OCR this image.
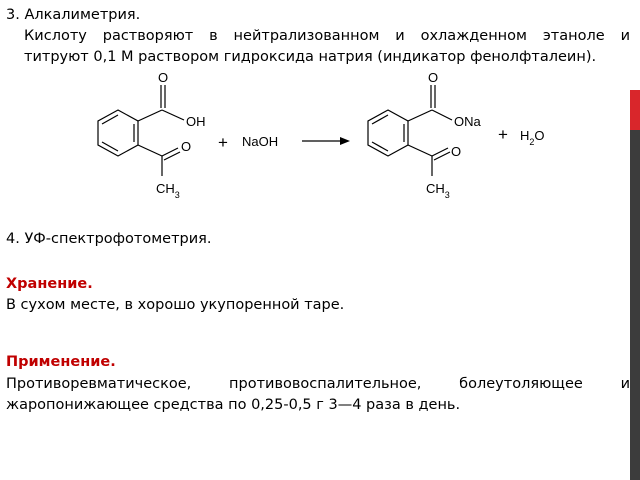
3. Алкалиметрия.
Кислоту растворяют в нейтрализованном и охлажденном этаноле и
титруют 0,1 М раствором гидроксида натрия (индикатор фенолфталеин).
O
OH
O
$CH_3$
+ NaOH
O
ONa
O
$CH_3$
+ $H_2O$
4. УФ-спектрофотометрия.
Хранение.
В сухом месте, в хорошо укупоренной таре.
Применение.
Противоревматическое, противовоспалительное, болеутоляющее и
жаропонижающее средства по 0,25-0,5 г 3—4 раза в день.
